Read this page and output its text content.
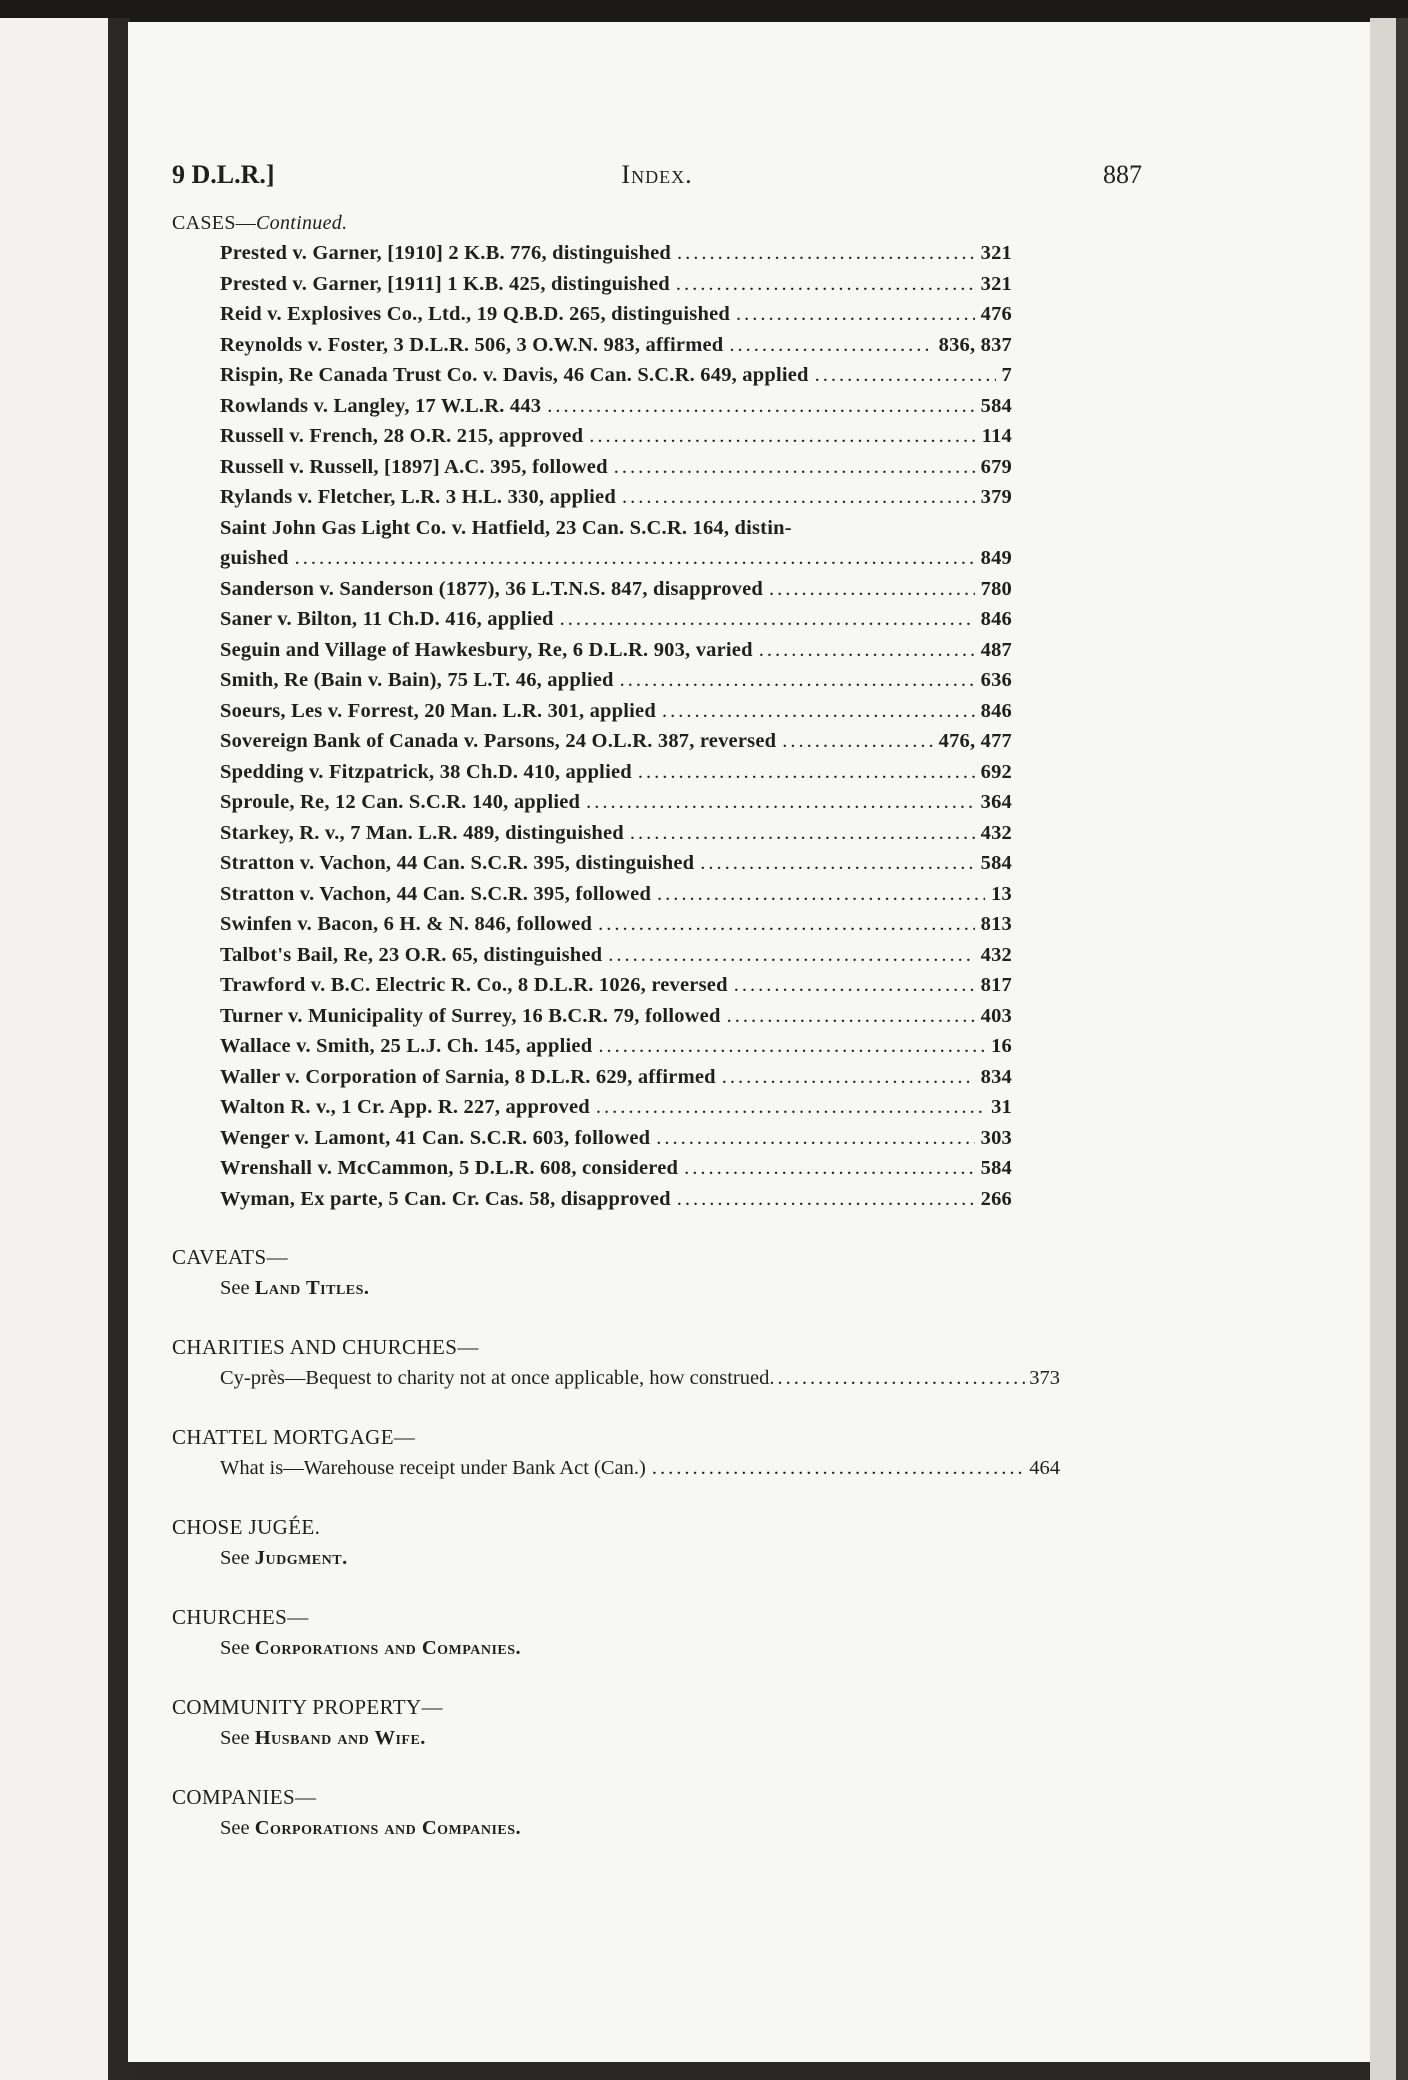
9 D.L.R.]	Index.	887
CASES—Continued.
Prested v. Garner, [1910] 2 K.B. 776, distinguished .....	321
Prested v. Garner, [1911] 1 K.B. 425, distinguished .....	321
Reid v. Explosives Co., Ltd., 19 Q.B.D. 265, distinguished .....	476
Reynolds v. Foster, 3 D.L.R. 506, 3 O.W.N. 983, affirmed .....	836, 837
Rispin, Re Canada Trust Co. v. Davis, 46 Can. S.C.R. 649, applied .....	7
Rowlands v. Langley, 17 W.L.R. 443 .....	584
Russell v. French, 28 O.R. 215, approved .....	114
Russell v. Russell, [1897] A.C. 395, followed .....	679
Rylands v. Fletcher, L.R. 3 H.L. 330, applied .....	379
Saint John Gas Light Co. v. Hatfield, 23 Can. S.C.R. 164, distin-
guished .....	849
Sanderson v. Sanderson (1877), 36 L.T.N.S. 847, disapproved .....	780
Saner v. Bilton, 11 Ch.D. 416, applied .....	846
Seguin and Village of Hawkesbury, Re, 6 D.L.R. 903, varied .....	487
Smith, Re (Bain v. Bain), 75 L.T. 46, applied .....	636
Soeurs, Les v. Forrest, 20 Man. L.R. 301, applied .....	846
Sovereign Bank of Canada v. Parsons, 24 O.L.R. 387, reversed .....	476, 477
Spedding v. Fitzpatrick, 38 Ch.D. 410, applied .....	692
Sproule, Re, 12 Can. S.C.R. 140, applied .....	364
Starkey, R. v., 7 Man. L.R. 489, distinguished .....	432
Stratton v. Vachon, 44 Can. S.C.R. 395, distinguished .....	584
Stratton v. Vachon, 44 Can. S.C.R. 395, followed .....	13
Swinfen v. Bacon, 6 H. & N. 846, followed .....	813
Talbot's Bail, Re, 23 O.R. 65, distinguished .....	432
Trawford v. B.C. Electric R. Co., 8 D.L.R. 1026, reversed .....	817
Turner v. Municipality of Surrey, 16 B.C.R. 79, followed .....	403
Wallace v. Smith, 25 L.J. Ch. 145, applied .....	16
Waller v. Corporation of Sarnia, 8 D.L.R. 629, affirmed .....	834
Walton R. v., 1 Cr. App. R. 227, approved .....	31
Wenger v. Lamont, 41 Can. S.C.R. 603, followed .....	303
Wrenshall v. McCammon, 5 D.L.R. 608, considered .....	584
Wyman, Ex parte, 5 Can. Cr. Cas. 58, disapproved .....	266
CAVEATS—
See Land Titles.
CHARITIES AND CHURCHES—
Cy-près—Bequest to charity not at once applicable, how construed. .....	373
CHATTEL MORTGAGE—
What is—Warehouse receipt under Bank Act (Can.) .....	464
CHOSE JUGÉE.
See Judgment.
CHURCHES—
See Corporations and Companies.
COMMUNITY PROPERTY—
See Husband and Wife.
COMPANIES—
See Corporations and Companies.
